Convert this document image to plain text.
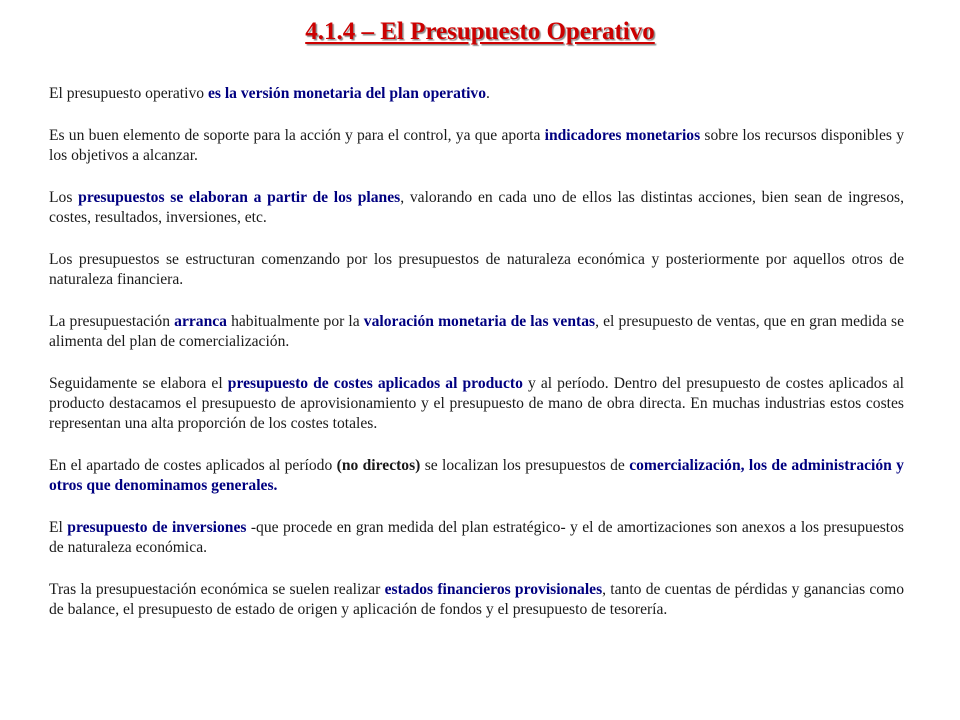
4.1.4 – El Presupuesto Operativo

El presupuesto operativo es la versión monetaria del plan operativo.

Es un buen elemento de soporte para la acción y para el control, ya que aporta indicadores monetarios sobre los recursos disponibles y los objetivos a alcanzar.

Los presupuestos se elaboran a partir de los planes, valorando en cada uno de ellos las distintas acciones, bien sean de ingresos, costes, resultados, inversiones, etc.

Los presupuestos se estructuran comenzando por los presupuestos de naturaleza económica y posteriormente por aquellos otros de naturaleza financiera.

La presupuestación arranca habitualmente por la valoración monetaria de las ventas, el presupuesto de ventas, que en gran medida se alimenta del plan de comercialización.

Seguidamente se elabora el presupuesto de costes aplicados al producto y al período. Dentro del presupuesto de costes aplicados al producto destacamos el presupuesto de aprovisionamiento y el presupuesto de mano de obra directa. En muchas industrias estos costes representan una alta proporción de los costes totales.

En el apartado de costes aplicados al período (no directos) se localizan los presupuestos de comercialización, los de administración y otros que denominamos generales.

El presupuesto de inversiones -que procede en gran medida del plan estratégico- y el de amortizaciones son anexos a los presupuestos de naturaleza económica.

Tras la presupuestación económica se suelen realizar estados financieros provisionales, tanto de cuentas de pérdidas y ganancias como de balance, el presupuesto de estado de origen y aplicación de fondos y el presupuesto de tesorería.
